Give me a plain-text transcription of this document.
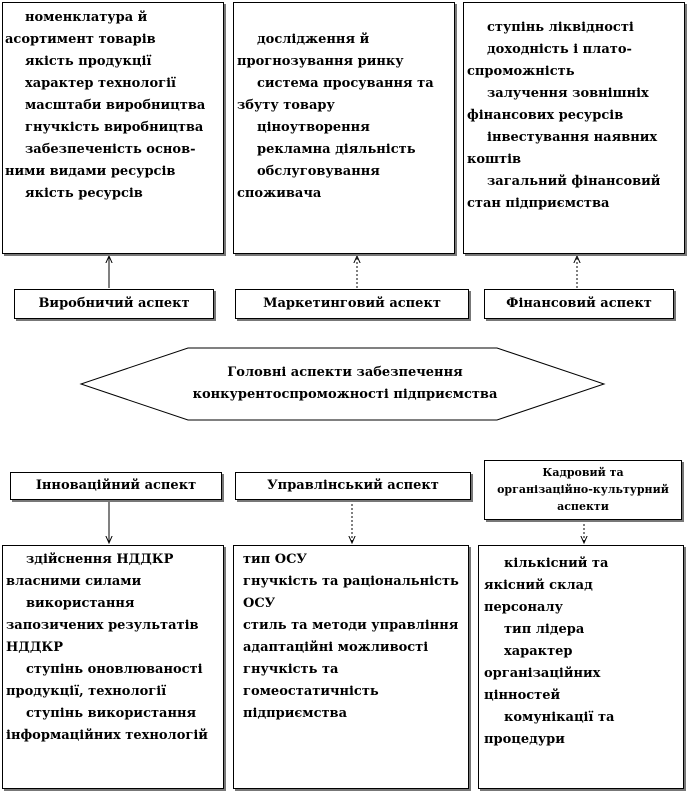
номенклатура й асортимент товарів
якість продукції
характер технології
масштаби виробництва
гнучкість виробництва
забезпеченість основ-ними видами ресурсів
якість ресурсів
дослідження й прогнозування ринку
система просування та збуту товару
ціноутворення
рекламна діяльність
обслуговування споживача
ступінь ліквідності
доходність і плато-спроможність
залучення зовнішніх фінансових ресурсів
інвестування наявних коштів
загальний фінансовий стан підприємства
Виробничий аспект	Маркетинговий аспект	Фінансовий аспект
Головні аспекти забезпечення
конкурентоспроможності підприємства
Інноваційний аспект	Управлінський аспект
Кадровий та
організаційно-культурний
аспекти
здійснення НДДКР власними силами
використання запозичених результатів НДДКР
ступінь оновлюваності продукції, технології
ступінь використання інформаційних технологій
тип ОСУ
гнучкість та раціональність ОСУ
стиль та методи управління
адаптаційні можливості
гнучкість та гомеостатичність підприємства
кількісний та якісний склад персоналу
тип лідера
характер організаційних цінностей
комунікації та процедури
